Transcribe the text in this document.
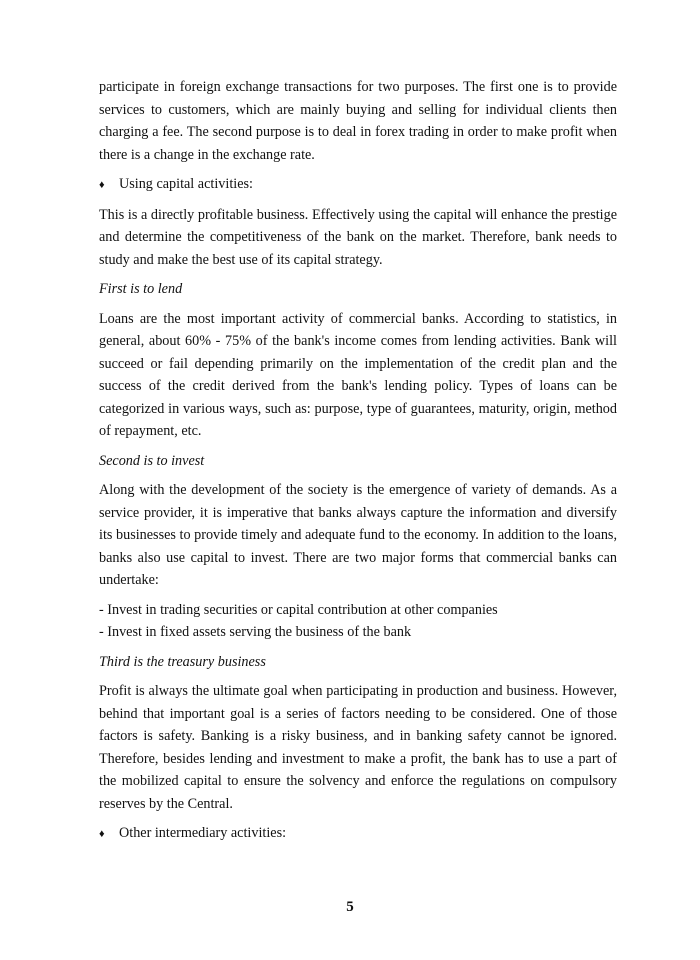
participate in foreign exchange transactions for two purposes. The first one is to provide services to customers, which are mainly buying and selling for individual clients then charging a fee. The second purpose is to deal in forex trading in order to make profit when there is a change in the exchange rate.

♦	Using capital activities:

This is a directly profitable business. Effectively using the capital will enhance the prestige and determine the competitiveness of the bank on the market. Therefore, bank needs to study and make the best use of its capital strategy.

First is to lend

Loans are the most important activity of commercial banks. According to statistics, in general, about 60% - 75% of the bank's income comes from lending activities. Bank will succeed or fail depending primarily on the implementation of the credit plan and the success of the credit derived from the bank's lending policy. Types of loans can be categorized in various ways, such as: purpose, type of guarantees, maturity, origin, method of repayment, etc.

Second is to invest

Along with the development of the society is the emergence of variety of demands. As a service provider, it is imperative that banks always capture the information and diversify its businesses to provide timely and adequate fund to the economy. In addition to the loans, banks also use capital to invest. There are two major forms that commercial banks can undertake:

- Invest in trading securities or capital contribution at other companies

- Invest in fixed assets serving the business of the bank

Third is the treasury business

Profit is always the ultimate goal when participating in production and business. However, behind that important goal is a series of factors needing to be considered. One of those factors is safety. Banking is a risky business, and in banking safety cannot be ignored. Therefore, besides lending and investment to make a profit, the bank has to use a part of the mobilized capital to ensure the solvency and enforce the regulations on compulsory reserves by the Central.

♦	Other intermediary activities:
5
